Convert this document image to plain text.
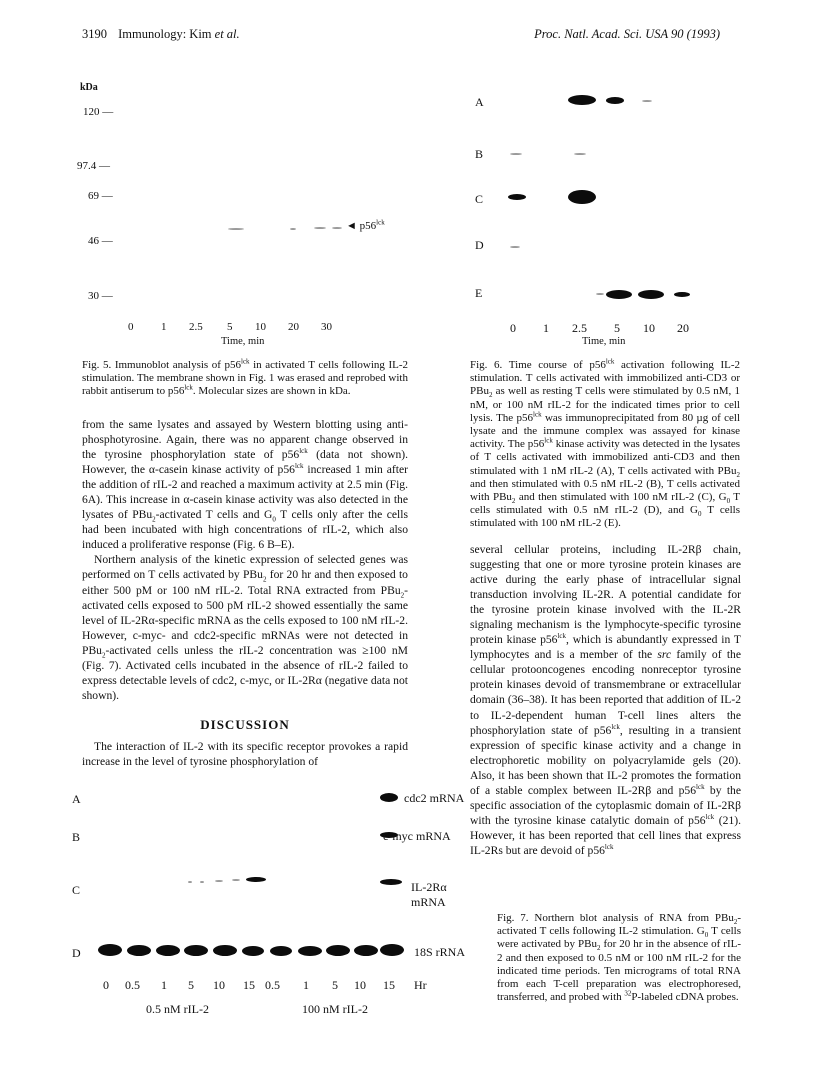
3190 Immunology: Kim et al.	Proc. Natl. Acad. Sci. USA 90 (1993)
kDa
120 —
97.4 —
69 —
46 —
30 —
◄ $p56^{lck}$
0	1 2.5 5 10 20 30
Time, min
Fig. 5. Immunoblot analysis of $p56^{lck}$ in activated T cells following IL-2 stimulation. The membrane shown in Fig. 1 was erased and reprobed with rabbit antiserum to $p56^{lck}$. Molecular sizes are shown in kDa.
A
B
C
D
E
0 1 2.5 5 10 20
Time, min
Fig. 6. Time course of $p56^{lck}$ activation following IL-2 stimulation. T cells activated with immobilized anti-CD3 or PBu$_2$ as well as resting T cells were stimulated by 0.5 nM, 1 nM, or 100 nM rIL-2 for the indicated times prior to cell lysis. The $p56^{lck}$ was immunoprecipitated from 80 µg of cell lysate and the immune complex was assayed for kinase activity. The $p56^{lck}$ kinase activity was detected in the lysates of T cells activated with immobilized anti-CD3 and then stimulated with 1 nM rIL-2 (A), T cells activated with PBu$_2$ and then stimulated with 0.5 nM rIL-2 (B), T cells activated with PBu$_2$ and then stimulated with 100 nM rIL-2 (C), $G_0$ T cells stimulated with 0.5 nM rIL-2 (D), and $G_0$ T cells stimulated with 100 nM rIL-2 (E).

from the same lysates and assayed by Western blotting using anti-phosphotyrosine. Again, there was no apparent change observed in the tyrosine phosphorylation state of $p56^{lck}$ (data not shown). However, the α-casein kinase activity of $p56^{lck}$ increased 1 min after the addition of rIL-2 and reached a maximum activity at 2.5 min (Fig. 6A). This increase in α-casein kinase activity was also detected in the lysates of PBu$_2$-activated T cells and $G_0$ T cells only after the cells had been incubated with high concentrations of rIL-2, which also induced a proliferative response (Fig. 6 B–E).

Northern analysis of the kinetic expression of selected genes was performed on T cells activated by PBu$_2$ for 20 hr and then exposed to either 500 pM or 100 nM rIL-2. Total RNA extracted from PBu$_2$-activated cells exposed to 500 pM rIL-2 showed essentially the same level of IL-2Rα-specific mRNA as the cells exposed to 100 nM rIL-2. However, c-myc- and cdc2-specific mRNAs were not detected in PBu$_2$-activated cells unless the rIL-2 concentration was ≥100 nM (Fig. 7). Activated cells incubated in the absence of rIL-2 failed to express detectable levels of cdc2, c-myc, or IL-2Rα (negative data not shown).

DISCUSSION

The interaction of IL-2 with its specific receptor provokes a rapid increase in the level of tyrosine phosphorylation of

several cellular proteins, including IL-2Rβ chain, suggesting that one or more tyrosine protein kinases are active during the early phase of intracellular signal transduction involving IL-2R. A potential candidate for the tyrosine protein kinase involved with the IL-2R signaling mechanism is the lymphocyte-specific tyrosine protein kinase $p56^{lck}$, which is abundantly expressed in T lymphocytes and is a member of the src family of the cellular protooncogenes encoding nonreceptor tyrosine protein kinases devoid of transmembrane or extracellular domain (36–38). It has been reported that addition of IL-2 to IL-2-dependent human T-cell lines alters the phosphorylation state of $p56^{lck}$, resulting in a transient expression of specific kinase activity and a change in electrophoretic mobility on polyacrylamide gels (20). Also, it has been shown that IL-2 promotes the formation of a stable complex between IL-2Rβ and $p56^{lck}$ by the specific association of the cytoplasmic domain of IL-2Rβ with the tyrosine kinase catalytic domain of $p56^{lck}$ (21). However, it has been reported that cell lines that express IL-2Rs but are devoid of $p56^{lck}$

A
B
C
D
cdc2 mRNA
c-myc mRNA
IL-2Rα mRNA
18S rRNA
0 0.5 1 5 10 15 0.5 1 5 10 15 Hr
0.5 nM rIL-2	100 nM rIL-2
Fig. 7. Northern blot analysis of RNA from PBu$_2$-activated T cells following IL-2 stimulation. $G_0$ T cells were activated by PBu$_2$ for 20 hr in the absence of rIL-2 and then exposed to 0.5 nM or 100 nM rIL-2 for the indicated time periods. Ten micrograms of total RNA from each T-cell preparation was electrophoresed, transferred, and probed with $^{32}$P-labeled cDNA probes.
